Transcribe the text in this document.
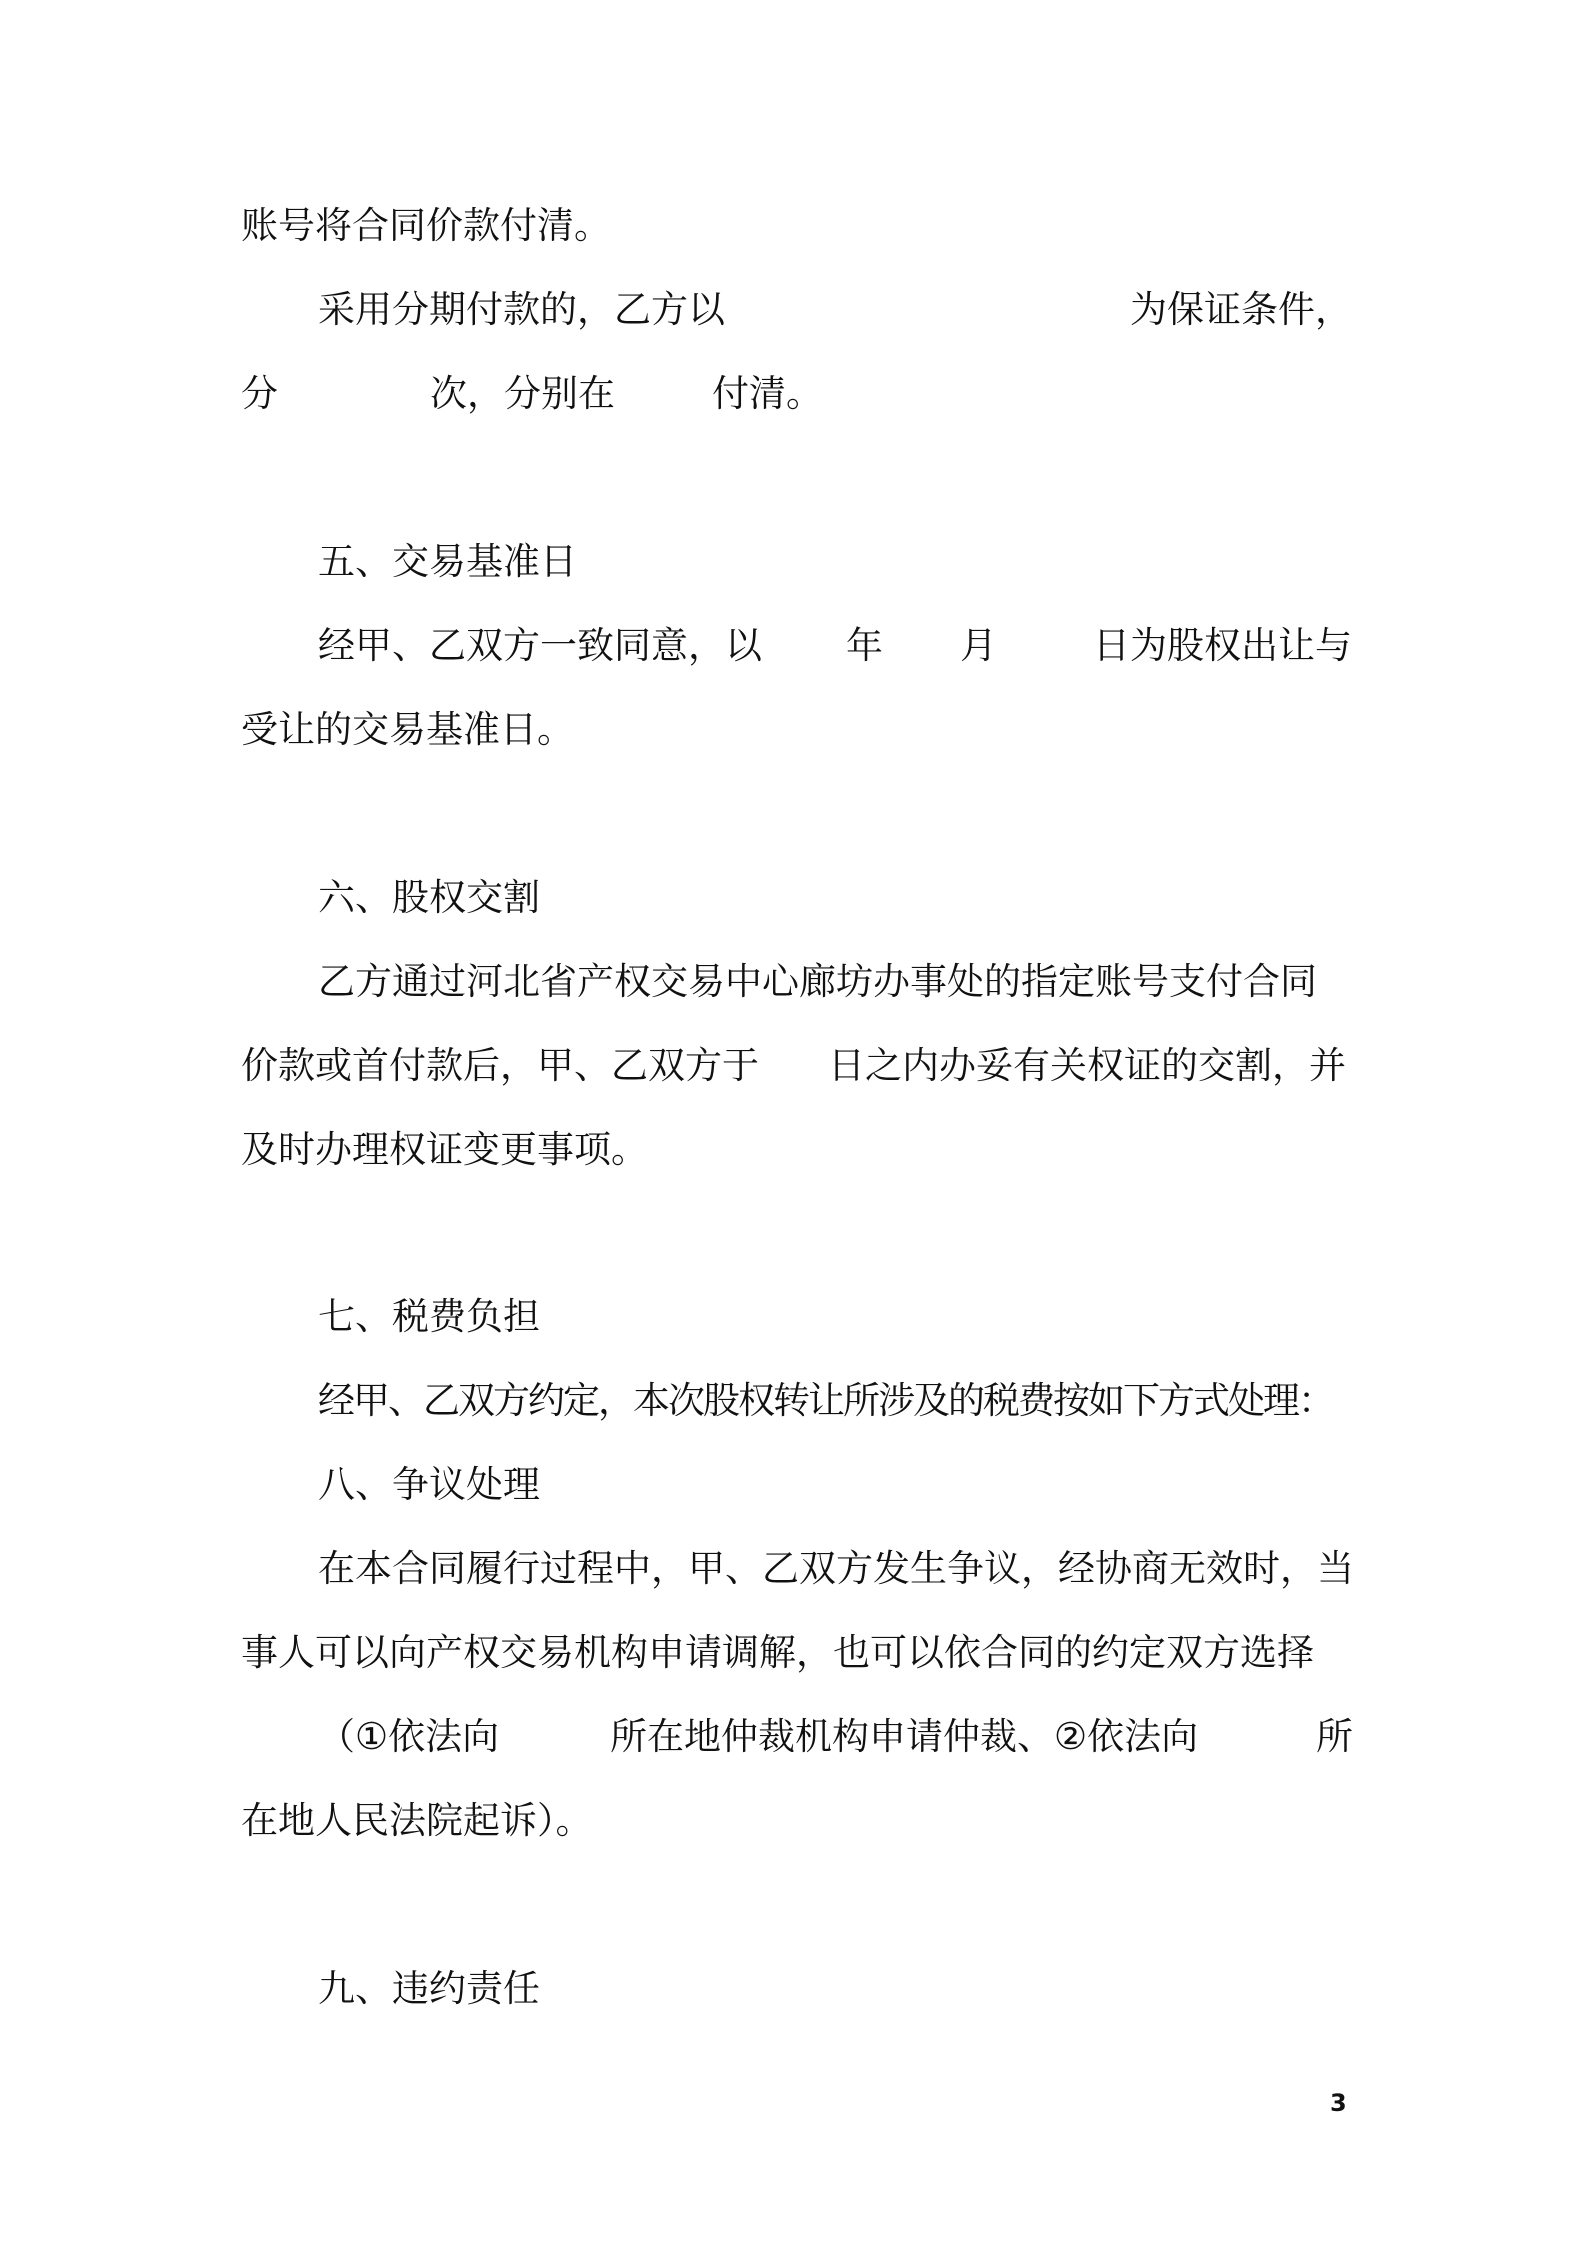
账号将合同价款付清。
采用分期付款的，乙方以	为保证条件，
分	次，分别在	付清。
五、交易基准日
经甲、乙双方一致同意，以 年 月	日为股权出让与
受让的交易基准日。
六、股权交割
乙方通过河北省产权交易中心廊坊办事处的指定账号支付合同
价款或首付款后，甲、乙双方于 日之内办妥有关权证的交割，并
及时办理权证变更事项。
七、税费负担
经甲、乙双方约定，本次股权转让所涉及的税费按如下方式处理：
八、争议处理
在本合同履行过程中，甲、乙双方发生争议，经协商无效时，当
事人可以向产权交易机构申请调解，也可以依合同的约定双方选择
（①依法向	所在地仲裁机构申请仲裁、②依法向	所
在地人民法院起诉）。
九、违约责任
3
